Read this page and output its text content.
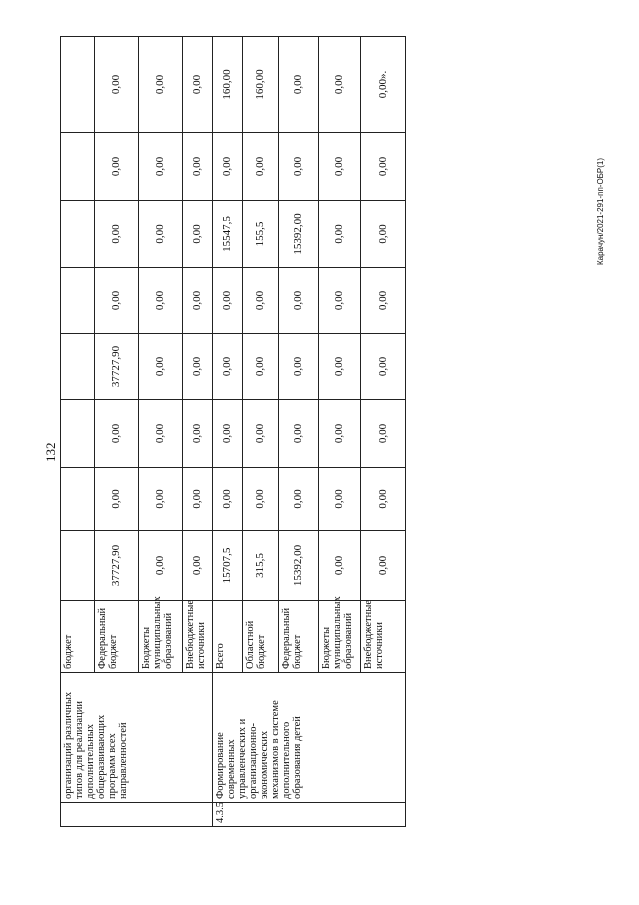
132
	организаций различных типов для реализации дополнительных общеразвивающих программ всех направленностей	бюджет								
		Федеральный бюджет	37727,90	0,00	0,00	37727,90	0,00	0,00	0,00	0,00
		Бюджеты муниципальных образований	0,00	0,00	0,00	0,00	0,00	0,00	0,00	0,00
		Внебюджетные источники	0,00	0,00	0,00	0,00	0,00	0,00	0,00	0,00
4.3.5	Формирование современных управленческих и организационно-экономических механизмов в системе дополнительного образования детей	Всего	15707,5	0,00	0,00	0,00	0,00	15547,5	0,00	160,00
		Областной бюджет	315,5	0,00	0,00	0,00	0,00	155,5	0,00	160,00
		Федеральный бюджет	15392,00	0,00	0,00	0,00	0,00	15392,00	0,00	0,00
		Бюджеты муниципальных образований	0,00	0,00	0,00	0,00	0,00	0,00	0,00	0,00
		Внебюджетные источники	0,00	0,00	0,00	0,00	0,00	0,00	0,00	0,00».
Карачун/2021-291-пп-ОБР(1)
